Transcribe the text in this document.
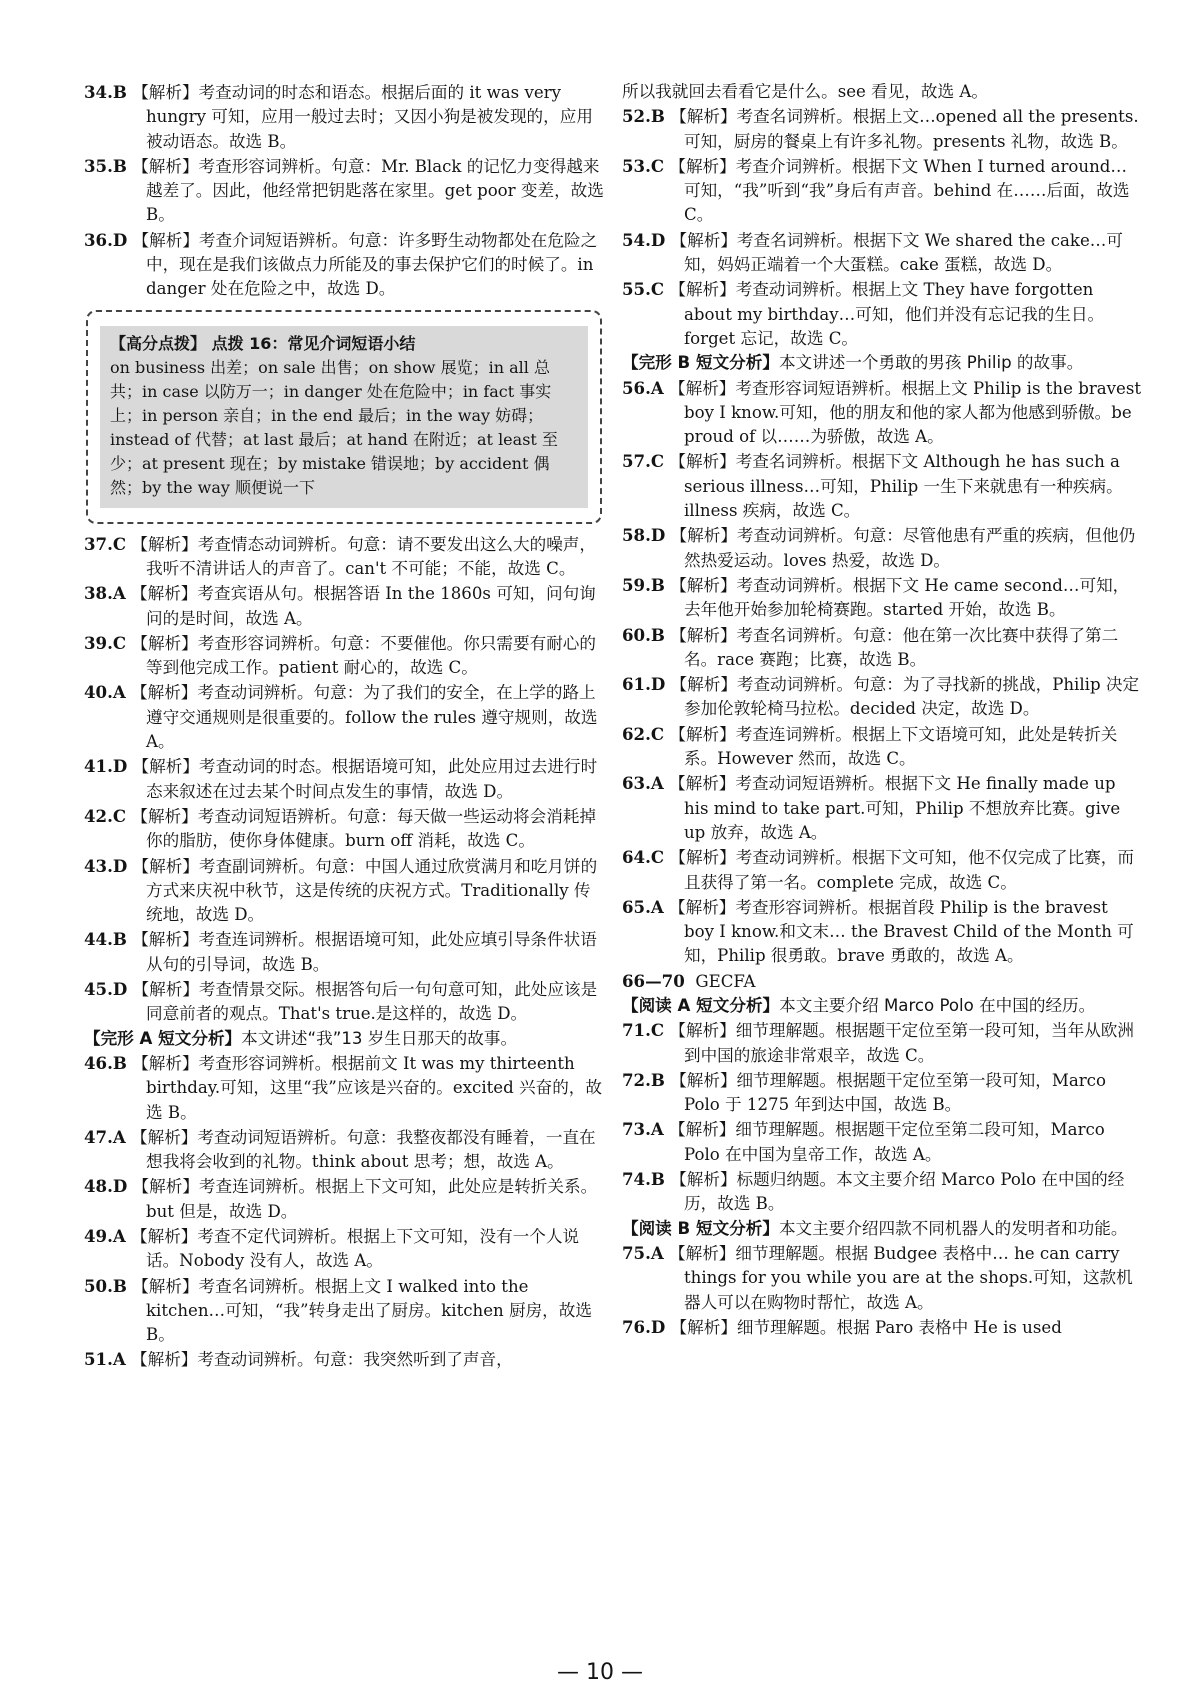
34.B 【解析】考查动词的时态和语态。根据后面的 it was very hungry 可知，应用一般过去时；又因小狗是被发现的，应用被动语态。故选 B。

35.B 【解析】考查形容词辨析。句意：Mr. Black 的记忆力变得越来越差了。因此，他经常把钥匙落在家里。get poor 变差，故选 B。

36.D 【解析】考查介词短语辨析。句意：许多野生动物都处在危险之中，现在是我们该做点力所能及的事去保护它们的时候了。in danger 处在危险之中，故选 D。

【高分点拨】 点拨 16：常见介词短语小结
on business 出差；on sale 出售；on show 展览；in all 总共；in case 以防万一；in danger 处在危险中；in fact 事实上；in person 亲自；in the end 最后；in the way 妨碍；instead of 代替；at last 最后；at hand 在附近；at least 至少；at present 现在；by mistake 错误地；by accident 偶然；by the way 顺便说一下

37.C 【解析】考查情态动词辨析。句意：请不要发出这么大的噪声，我听不清讲话人的声音了。can't 不可能；不能，故选 C。

38.A 【解析】考查宾语从句。根据答语 In the 1860s 可知，问句询问的是时间，故选 A。

39.C 【解析】考查形容词辨析。句意：不要催他。你只需要有耐心的等到他完成工作。patient 耐心的，故选 C。

40.A 【解析】考查动词辨析。句意：为了我们的安全，在上学的路上遵守交通规则是很重要的。follow the rules 遵守规则，故选 A。

41.D 【解析】考查动词的时态。根据语境可知，此处应用过去进行时态来叙述在过去某个时间点发生的事情，故选 D。

42.C 【解析】考查动词短语辨析。句意：每天做一些运动将会消耗掉你的脂肪，使你身体健康。burn off 消耗，故选 C。

43.D 【解析】考查副词辨析。句意：中国人通过欣赏满月和吃月饼的方式来庆祝中秋节，这是传统的庆祝方式。Traditionally 传统地，故选 D。

44.B 【解析】考查连词辨析。根据语境可知，此处应填引导条件状语从句的引导词，故选 B。

45.D 【解析】考查情景交际。根据答句后一句句意可知，此处应该是同意前者的观点。That's true.是这样的，故选 D。

【完形 A 短文分析】本文讲述“我”13 岁生日那天的故事。

46.B 【解析】考查形容词辨析。根据前文 It was my thirteenth birthday.可知，这里“我”应该是兴奋的。excited 兴奋的，故选 B。

47.A 【解析】考查动词短语辨析。句意：我整夜都没有睡着，一直在想我将会收到的礼物。think about 思考；想，故选 A。

48.D 【解析】考查连词辨析。根据上下文可知，此处应是转折关系。but 但是，故选 D。

49.A 【解析】考查不定代词辨析。根据上下文可知，没有一个人说话。Nobody 没有人，故选 A。

50.B 【解析】考查名词辨析。根据上文 I walked into the kitchen…可知，“我”转身走出了厨房。kitchen 厨房，故选 B。

51.A 【解析】考查动词辨析。句意：我突然听到了声音，

所以我就回去看看它是什么。see 看见，故选 A。

52.B 【解析】考查名词辨析。根据上文…opened all the presents.可知，厨房的餐桌上有许多礼物。presents 礼物，故选 B。

53.C 【解析】考查介词辨析。根据下文 When I turned around…可知，“我”听到“我”身后有声音。behind 在……后面，故选 C。

54.D 【解析】考查名词辨析。根据下文 We shared the cake…可知，妈妈正端着一个大蛋糕。cake 蛋糕，故选 D。

55.C 【解析】考查动词辨析。根据上文 They have forgotten about my birthday…可知，他们并没有忘记我的生日。forget 忘记，故选 C。

【完形 B 短文分析】本文讲述一个勇敢的男孩 Philip 的故事。

56.A 【解析】考查形容词短语辨析。根据上文 Philip is the bravest boy I know.可知，他的朋友和他的家人都为他感到骄傲。be proud of 以……为骄傲，故选 A。

57.C 【解析】考查名词辨析。根据下文 Although he has such a serious illness…可知，Philip 一生下来就患有一种疾病。illness 疾病，故选 C。

58.D 【解析】考查动词辨析。句意：尽管他患有严重的疾病，但他仍然热爱运动。loves 热爱，故选 D。

59.B 【解析】考查动词辨析。根据下文 He came second…可知，去年他开始参加轮椅赛跑。started 开始，故选 B。

60.B 【解析】考查名词辨析。句意：他在第一次比赛中获得了第二名。race 赛跑；比赛，故选 B。

61.D 【解析】考查动词辨析。句意：为了寻找新的挑战，Philip 决定参加伦敦轮椅马拉松。decided 决定，故选 D。

62.C 【解析】考查连词辨析。根据上下文语境可知，此处是转折关系。However 然而，故选 C。

63.A 【解析】考查动词短语辨析。根据下文 He finally made up his mind to take part.可知，Philip 不想放弃比赛。give up 放弃，故选 A。

64.C 【解析】考查动词辨析。根据下文可知，他不仅完成了比赛，而且获得了第一名。complete 完成，故选 C。

65.A 【解析】考查形容词辨析。根据首段 Philip is the bravest boy I know.和文末… the Bravest Child of the Month 可知，Philip 很勇敢。brave 勇敢的，故选 A。

66—70 GECFA

【阅读 A 短文分析】本文主要介绍 Marco Polo 在中国的经历。

71.C 【解析】细节理解题。根据题干定位至第一段可知，当年从欧洲到中国的旅途非常艰辛，故选 C。

72.B 【解析】细节理解题。根据题干定位至第一段可知，Marco Polo 于 1275 年到达中国，故选 B。

73.A 【解析】细节理解题。根据题干定位至第二段可知，Marco Polo 在中国为皇帝工作，故选 A。

74.B 【解析】标题归纳题。本文主要介绍 Marco Polo 在中国的经历，故选 B。

【阅读 B 短文分析】本文主要介绍四款不同机器人的发明者和功能。

75.A 【解析】细节理解题。根据 Budgee 表格中… he can carry things for you while you are at the shops.可知，这款机器人可以在购物时帮忙，故选 A。

76.D 【解析】细节理解题。根据 Paro 表格中 He is used

— 10 —
